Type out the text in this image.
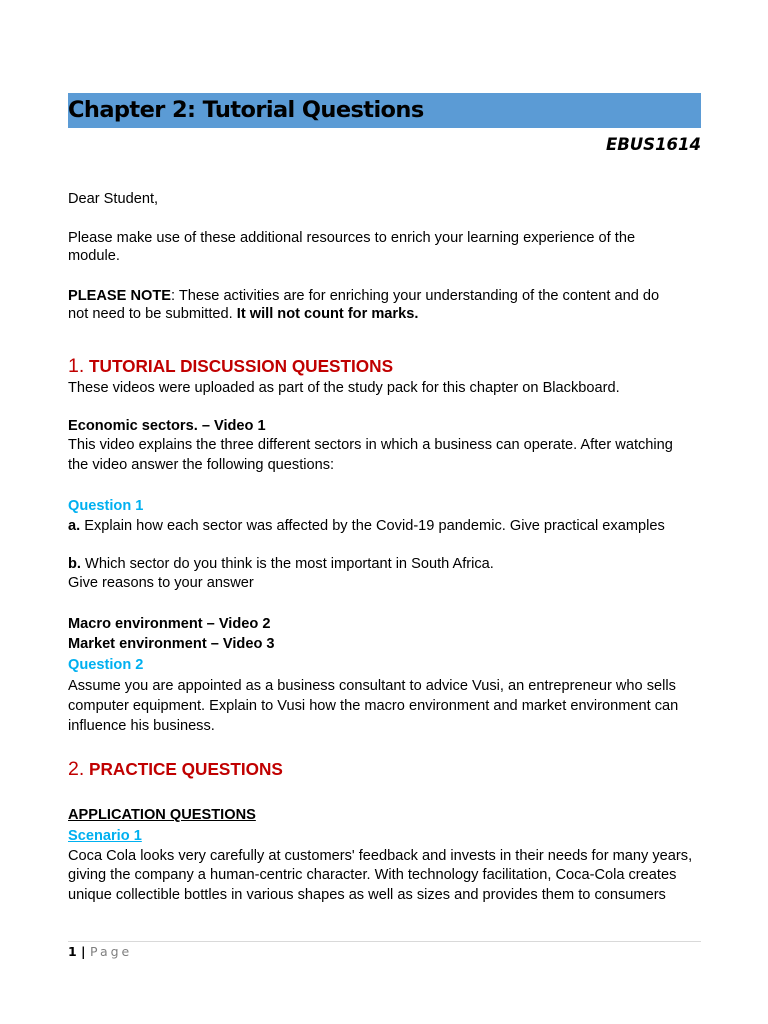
Chapter 2: Tutorial Questions
EBUS1614
Dear Student,
Please make use of these additional resources to enrich your learning experience of the
module.
PLEASE NOTE: These activities are for enriching your understanding of the content and do
not need to be submitted. It will not count for marks.
1. TUTORIAL DISCUSSION QUESTIONS
These videos were uploaded as part of the study pack for this chapter on Blackboard.
Economic sectors. – Video 1
This video explains the three different sectors in which a business can operate. After watching
the video answer the following questions:
Question 1
a. Explain how each sector was affected by the Covid-19 pandemic. Give practical examples
b. Which sector do you think is the most important in South Africa.
Give reasons to your answer
Macro environment – Video 2
Market environment – Video 3
Question 2
Assume you are appointed as a business consultant to advice Vusi, an entrepreneur who sells
computer equipment. Explain to Vusi how the macro environment and market environment can
influence his business.
2. PRACTICE QUESTIONS
APPLICATION QUESTIONS
Scenario 1
Coca Cola looks very carefully at customers' feedback and invests in their needs for many years,
giving the company a human-centric character. With technology facilitation, Coca-Cola creates
unique collectible bottles in various shapes as well as sizes and provides them to consumers
1 | Page
